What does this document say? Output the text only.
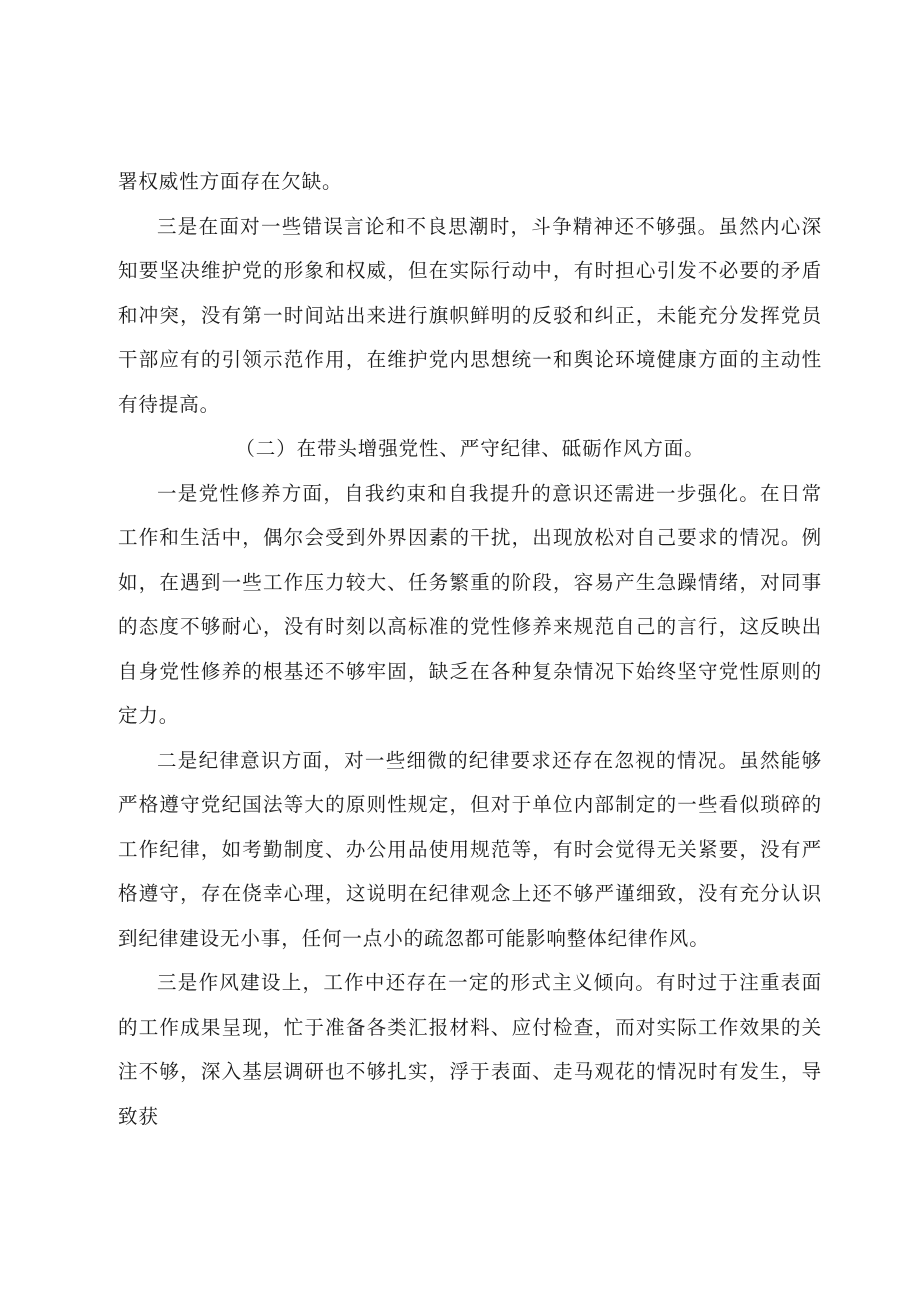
署权威性方面存在欠缺。

三是在面对一些错误言论和不良思潮时，斗争精神还不够强。虽然内心深知要坚决维护党的形象和权威，但在实际行动中，有时担心引发不必要的矛盾和冲突，没有第一时间站出来进行旗帜鲜明的反驳和纠正，未能充分发挥党员干部应有的引领示范作用，在维护党内思想统一和舆论环境健康方面的主动性有待提高。

（二）在带头增强党性、严守纪律、砥砺作风方面。

一是党性修养方面，自我约束和自我提升的意识还需进一步强化。在日常工作和生活中，偶尔会受到外界因素的干扰，出现放松对自己要求的情况。例如，在遇到一些工作压力较大、任务繁重的阶段，容易产生急躁情绪，对同事的态度不够耐心，没有时刻以高标准的党性修养来规范自己的言行，这反映出自身党性修养的根基还不够牢固，缺乏在各种复杂情况下始终坚守党性原则的定力。

二是纪律意识方面，对一些细微的纪律要求还存在忽视的情况。虽然能够严格遵守党纪国法等大的原则性规定，但对于单位内部制定的一些看似琐碎的工作纪律，如考勤制度、办公用品使用规范等，有时会觉得无关紧要，没有严格遵守，存在侥幸心理，这说明在纪律观念上还不够严谨细致，没有充分认识到纪律建设无小事，任何一点小的疏忽都可能影响整体纪律作风。

三是作风建设上，工作中还存在一定的形式主义倾向。有时过于注重表面的工作成果呈现，忙于准备各类汇报材料、应付检查，而对实际工作效果的关注不够，深入基层调研也不够扎实，浮于表面、走马观花的情况时有发生，导致获
